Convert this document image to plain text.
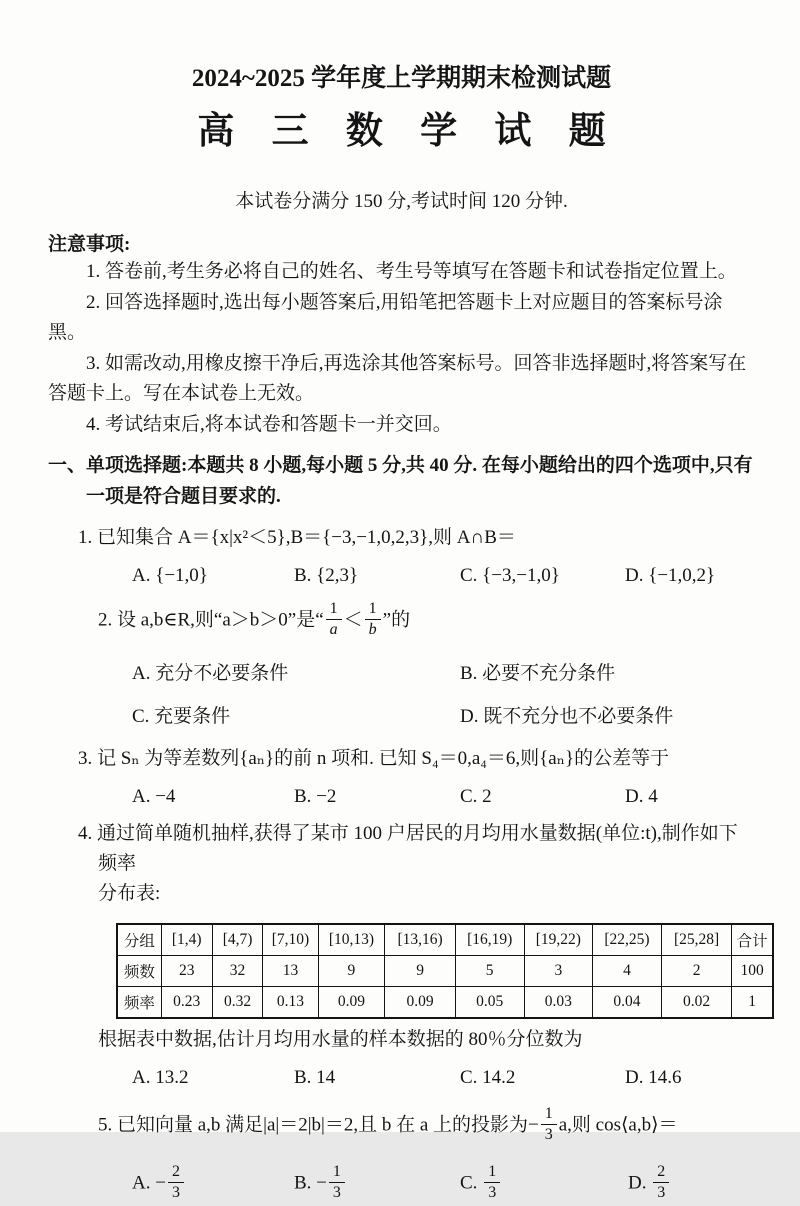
2024~2025 学年度上学期期末检测试题
高 三 数 学 试 题
本试卷分满分 150 分,考试时间 120 分钟.
注意事项:

1. 答卷前,考生务必将自己的姓名、考生号等填写在答题卡和试卷指定位置上。

2. 回答选择题时,选出每小题答案后,用铅笔把答题卡上对应题目的答案标号涂黑。

3. 如需改动,用橡皮擦干净后,再选涂其他答案标号。回答非选择题时,将答案写在答题卡上。写在本试卷上无效。

4. 考试结束后,将本试卷和答题卡一并交回。

一、单项选择题:本题共 8 小题,每小题 5 分,共 40 分. 在每小题给出的四个选项中,只有一项是符合题目要求的.
1. 已知集合 A＝{x|x²＜5},B＝{−3,−1,0,2,3},则 A∩B＝
A. {−1,0}	B. {2,3}	C. {−3,−1,0}	D. {−1,0,2}
2. 设 a,b∈R,则“a＞b＞0”是“ $\frac{1}{a} < \frac{1}{b}$ ”的
A. 充分不必要条件	B. 必要不充分条件
C. 充要条件	D. 既不充分也不必要条件
3. 记 Sₙ 为等差数列{aₙ}的前 n 项和. 已知 S₄＝0,a₄＝6,则{aₙ}的公差等于
A. −4	B. −2	C. 2	D. 4
4. 通过简单随机抽样,获得了某市 100 户居民的月均用水量数据(单位:t),制作如下频率
分布表:
分组	[1,4)	[4,7)	[7,10)	[10,13)	[13,16)	[16,19)	[19,22)	[22,25)	[25,28]	合计
频数	23	32	13	9	9	5	3	4	2	100
频率	0.23	0.32	0.13	0.09	0.09	0.05	0.03	0.04	0.02	1
根据表中数据,估计月均用水量的样本数据的 80％分位数为
A. 13.2	B. 14	C. 14.2	D. 14.6
5. 已知向量 a,b 满足|a|＝2|b|＝2,且 b 在 a 上的投影为− $\frac{1}{3} a$,则 cos⟨a,b⟩＝
A. − $\frac{2}{3}$	B. − $\frac{1}{3}$	C. $\frac{1}{3}$	D. $\frac{2}{3}$
